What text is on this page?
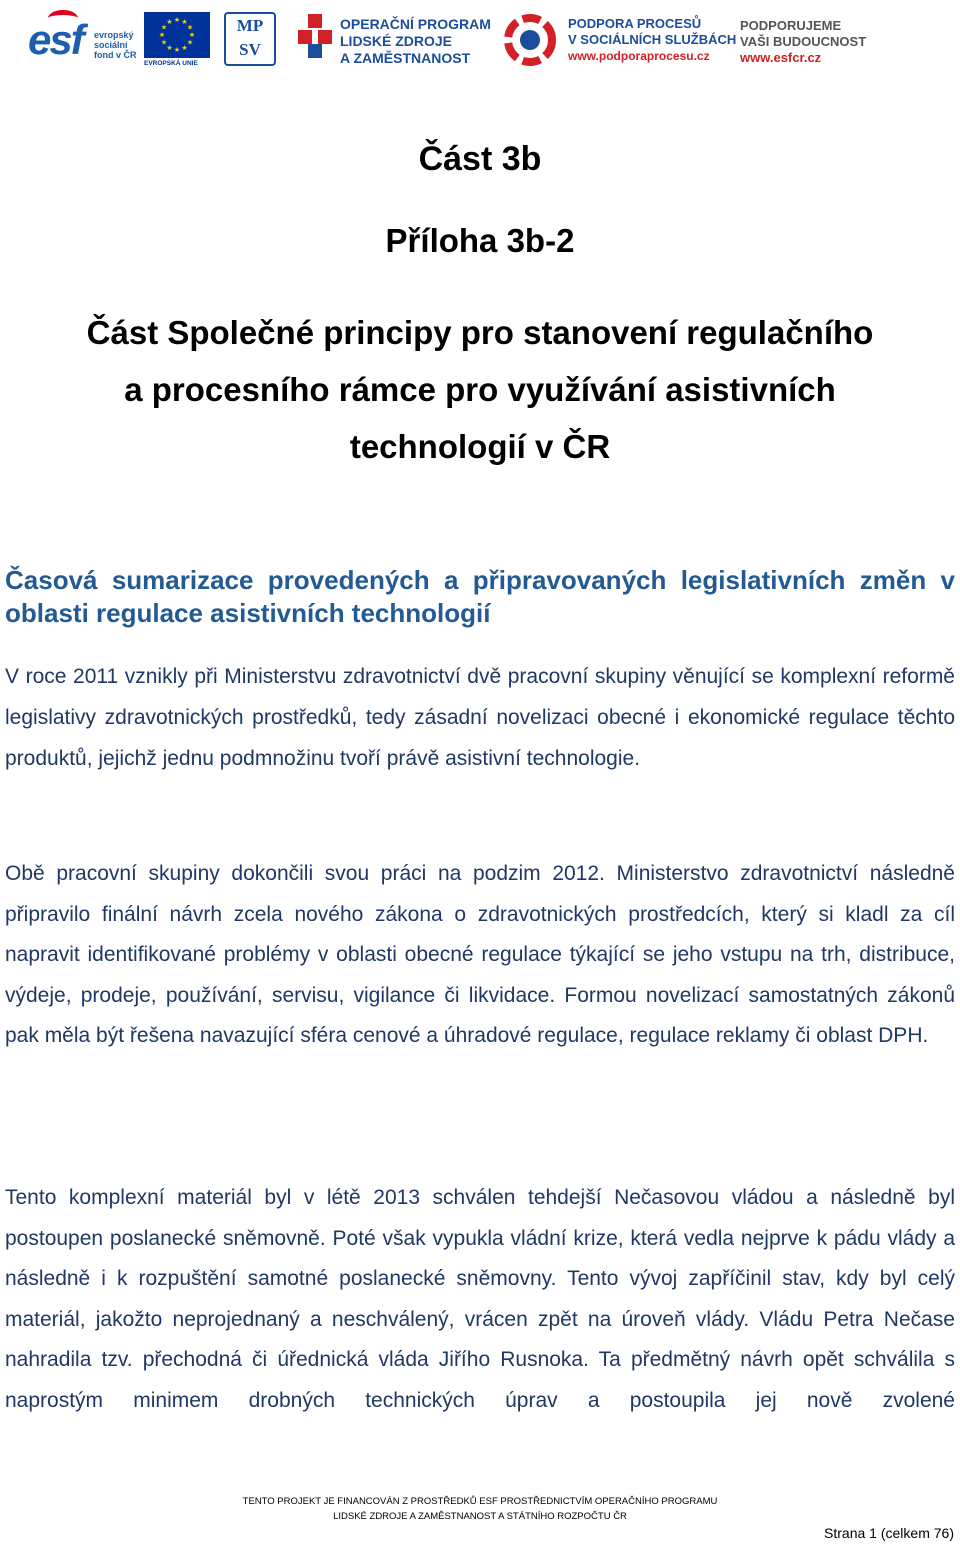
esf evropský
sociální
fond v ČR
★ ★
★
★
★
★
★
★
★
★
★
★
EVROPSKÁ UNIE
MP
SV
OPERAČNÍ PROGRAM
LIDSKÉ ZDROJE
A ZAMĚSTNANOST
PODPORA PROCESŮ
V SOCIÁLNÍCH SLUŽBÁCH
www.podporaprocesu.cz
PODPORUJEME
VAŠI BUDOUCNOST
www.esfcr.cz
Část 3b
Příloha 3b-2
Část Společné principy pro stanovení regulačního
a procesního rámce pro využívání asistivních
technologií v ČR
Časová sumarizace provedených a připravovaných legislativních změn v oblasti regulace asistivních technologií

V roce 2011 vznikly při Ministerstvu zdravotnictví dvě pracovní skupiny věnující se komplexní reformě legislativy zdravotnických prostředků, tedy zásadní novelizaci obecné i ekonomické regulace těchto produktů, jejichž jednu podmnožinu tvoří právě asistivní technologie.

Obě pracovní skupiny dokončili svou práci na podzim 2012. Ministerstvo zdravotnictví následně připravilo finální návrh zcela nového zákona o zdravotnických prostředcích, který si kladl za cíl napravit identifikované problémy v oblasti obecné regulace týkající se jeho vstupu na trh, distribuce, výdeje, prodeje, používání, servisu, vigilance či likvidace. Formou novelizací samostatných zákonů pak měla být řešena navazující sféra cenové a úhradové regulace, regulace reklamy či oblast DPH.

Tento komplexní materiál byl v létě 2013 schválen tehdejší Nečasovou vládou a následně byl postoupen poslanecké sněmovně. Poté však vypukla vládní krize, která vedla nejprve k pádu vlády a následně i k rozpuštění samotné poslanecké sněmovny. Tento vývoj zapříčinil stav, kdy byl celý materiál, jakožto neprojednaný a neschválený, vrácen zpět na úroveň vlády. Vládu Petra Nečase nahradila tzv. přechodná či úřednická vláda Jiřího Rusnoka. Ta předmětný návrh opět schválila s naprostým minimem drobných technických úprav a postoupila jej nově zvolené

TENTO PROJEKT JE FINANCOVÁN Z PROSTŘEDKŮ ESF PROSTŘEDNICTVÍM OPERAČNÍHO PROGRAMU
LIDSKÉ ZDROJE A ZAMĚSTNANOST A STÁTNÍHO ROZPOČTU ČR
Strana 1 (celkem 76)
